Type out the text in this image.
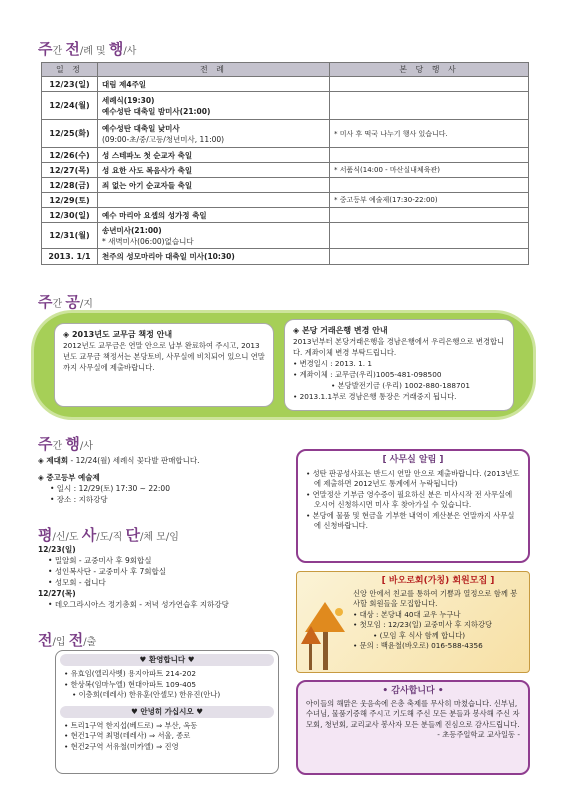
주간 전/례 및 행/사
일 정	전 례	본 당 행 사
12/23(일)	대림 제4주일	
12/24(월)	세례식(19:30)
예수성탄 대축일 밤미사(21:00)	

12/25(화)	예수성탄 대축일 낮미사
(09:00-초/중/고등/청년미사, 11:00)	* 미사 후 떡국 나누기 행사 있습니다.
12/26(수)	성 스테파노 첫 순교자 축일	
12/27(목)	성 요한 사도 복음사가 축일	* 서품식(14:00 - 마산실내체육관)
12/28(금)	죄 없는 아기 순교자들 축일	
12/29(토)		* 중고등부 예술제(17:30-22:00)
12/30(일)	예수 마리아 요셉의 성가정 축일	
12/31(월)	송년미사(21:00)
* 새벽미사(06:00)없습니다	

2013. 1/1	천주의 성모마리아 대축일 미사(10:30)	
주간 공/지
◈ 2013년도 교무금 책정 안내
2012년도 교무금은 연말 안으로 납부 완료하여 주시고, 2013년도 교무금 책정서는 본당토비, 사무실에 비치되어 있으니 연말까지 사무실에 제출바랍니다.
◈ 본당 거래은행 변경 안내
2013년부터 본당거래은행을 경남은행에서 우리은행으로 변경합니다. 계좌이체 변경 부탁드립니다.
• 변경일시 : 2013. 1. 1
• 계좌이체 : 교무금(우리)1005-481-098500
• 본당발전기금 (우리) 1002-880-188701
• 2013.1.1부로 경남은행 통장은 거래중지 됩니다.
주간 행/사
◈ 제대회 - 12/24(월) 세례식 꽃다발 판매합니다.
◈ 중고등부 예술제
• 일시 : 12/29(토) 17:30 ~ 22:00
• 장소 : 지하강당
평/신/도 사/도/직 단/체 모/임
12/23(일)
• 밀알회 - 교중미사 후 9회합실
• 성인복사단 - 교중미사 후 7회합실
• 성모회 - 쉽니다
12/27(목)
• 데오그라시아스 정기총회 - 저녁 성가연습후 지하강당
전/입 전/출
♥ 환영합니다 ♥
• 유효임(엘리사벳) 용지아파트 214-202
• 한상복(임마누엘) 현대아파트 109-405
• 이층희(데레사) 한유훈(안셀모) 한유진(안나)
♥ 안녕히 가십시오 ♥
• 트리1구역 한지섭(베드로) ⇒ 부산, 옥동
• 현건1구역 최명(데레사) ⇒ 서울, 종로
• 현건2구역 서유철(미카엘) ⇒ 진영
[ 사무실 알림 ]
• 성탄 판공성사표는 반드시 연말 안으로 제출바랍니다. (2013년도에 제출하면 2012년도 통계에서 누락됩니다)
• 연말정산 기부금 영수증이 필요하신 분은 미사시작 전 사무실에 오시어 신청하시면 미사 후 찾아가실 수 있습니다.
• 본당에 물품 및 현금을 기부한 내역이 계산분은 연말까지 사무실에 신청바랍니다.
[ 바오로회(가칭) 회원모집 ]
신앙 안에서 친교를 통하여 기쁨과 열정으로 함께 봉사할 회원들을 모집합니다.
• 대상 : 본당내 40대 교우 누구나
• 첫모임 : 12/23(일) 교중미사 후 지하강당
• (모임 후 식사 함께 합니다)
• 문의 : 백윤철(바오로) 016-588-4356
• 감사합니다 •
아이들의 해맑은 웃음속에 은총 축제를 무사히 마쳤습니다. 신부님, 수녀님, 물품기증해 주시고 기도해 주신 모든 분들과 봉사해 주신 자모회, 청년회, 교리교사 봉사자 모든 분들께 진심으로 감사드립니다.
- 초등주일학교 교사일동 -
